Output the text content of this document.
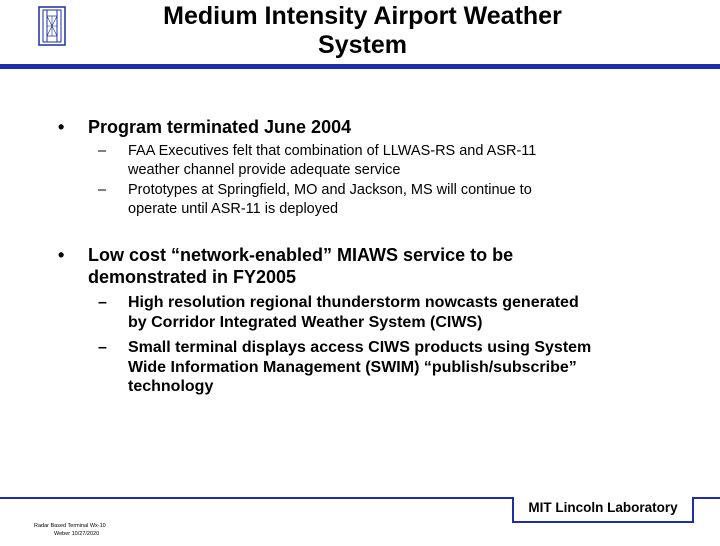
Medium Intensity Airport Weather
System
• Program terminated June 2004
– FAA Executives felt that combination of LLWAS-RS and ASR-11
weather channel provide adequate service
– Prototypes at Springfield, MO and Jackson, MS will continue to
operate until ASR-11 is deployed
• Low cost “network-enabled” MIAWS service to be
demonstrated in FY2005
– High resolution regional thunderstorm nowcasts generated
by Corridor Integrated Weather System (CIWS)
– Small terminal displays access CIWS products using System
Wide Information Management (SWIM) “publish/subscribe”
technology

Radar Based Terminal Wx-10

Weber 10/27/2020

MIT Lincoln Laboratory
